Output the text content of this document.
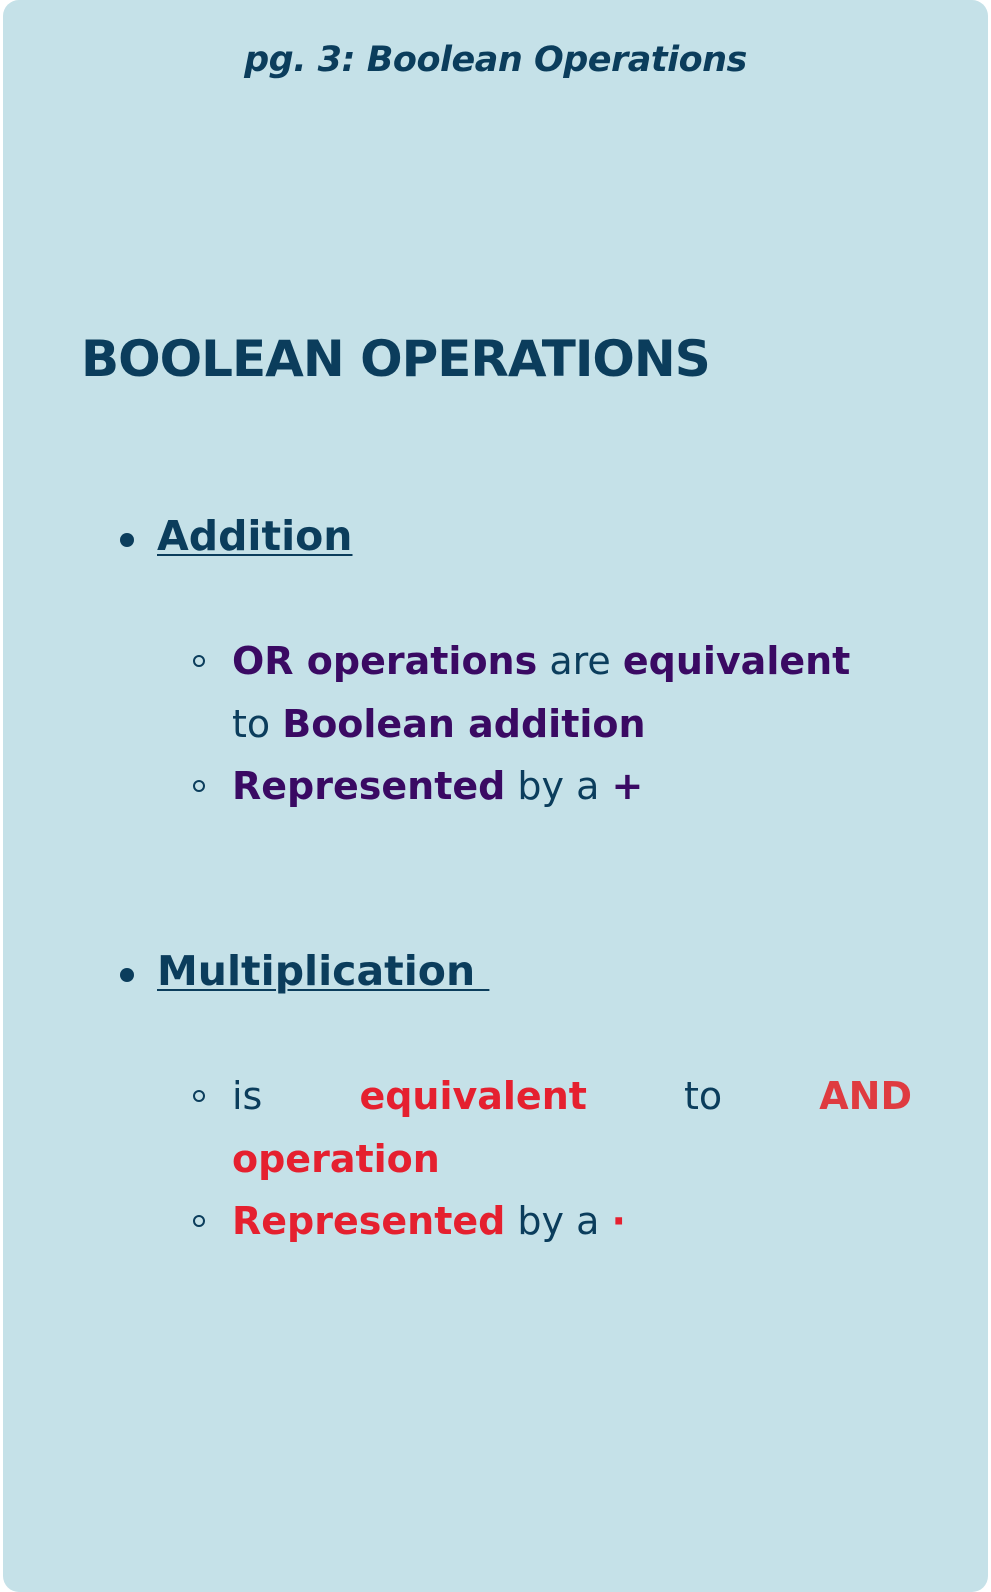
pg. 3: Boolean Operations
BOOLEAN OPERATIONS
Addition
OR operations are equivalent
to Boolean addition
Represented by a +
Multiplication
is	equivalent	to	AND
operation
Represented by a ·
